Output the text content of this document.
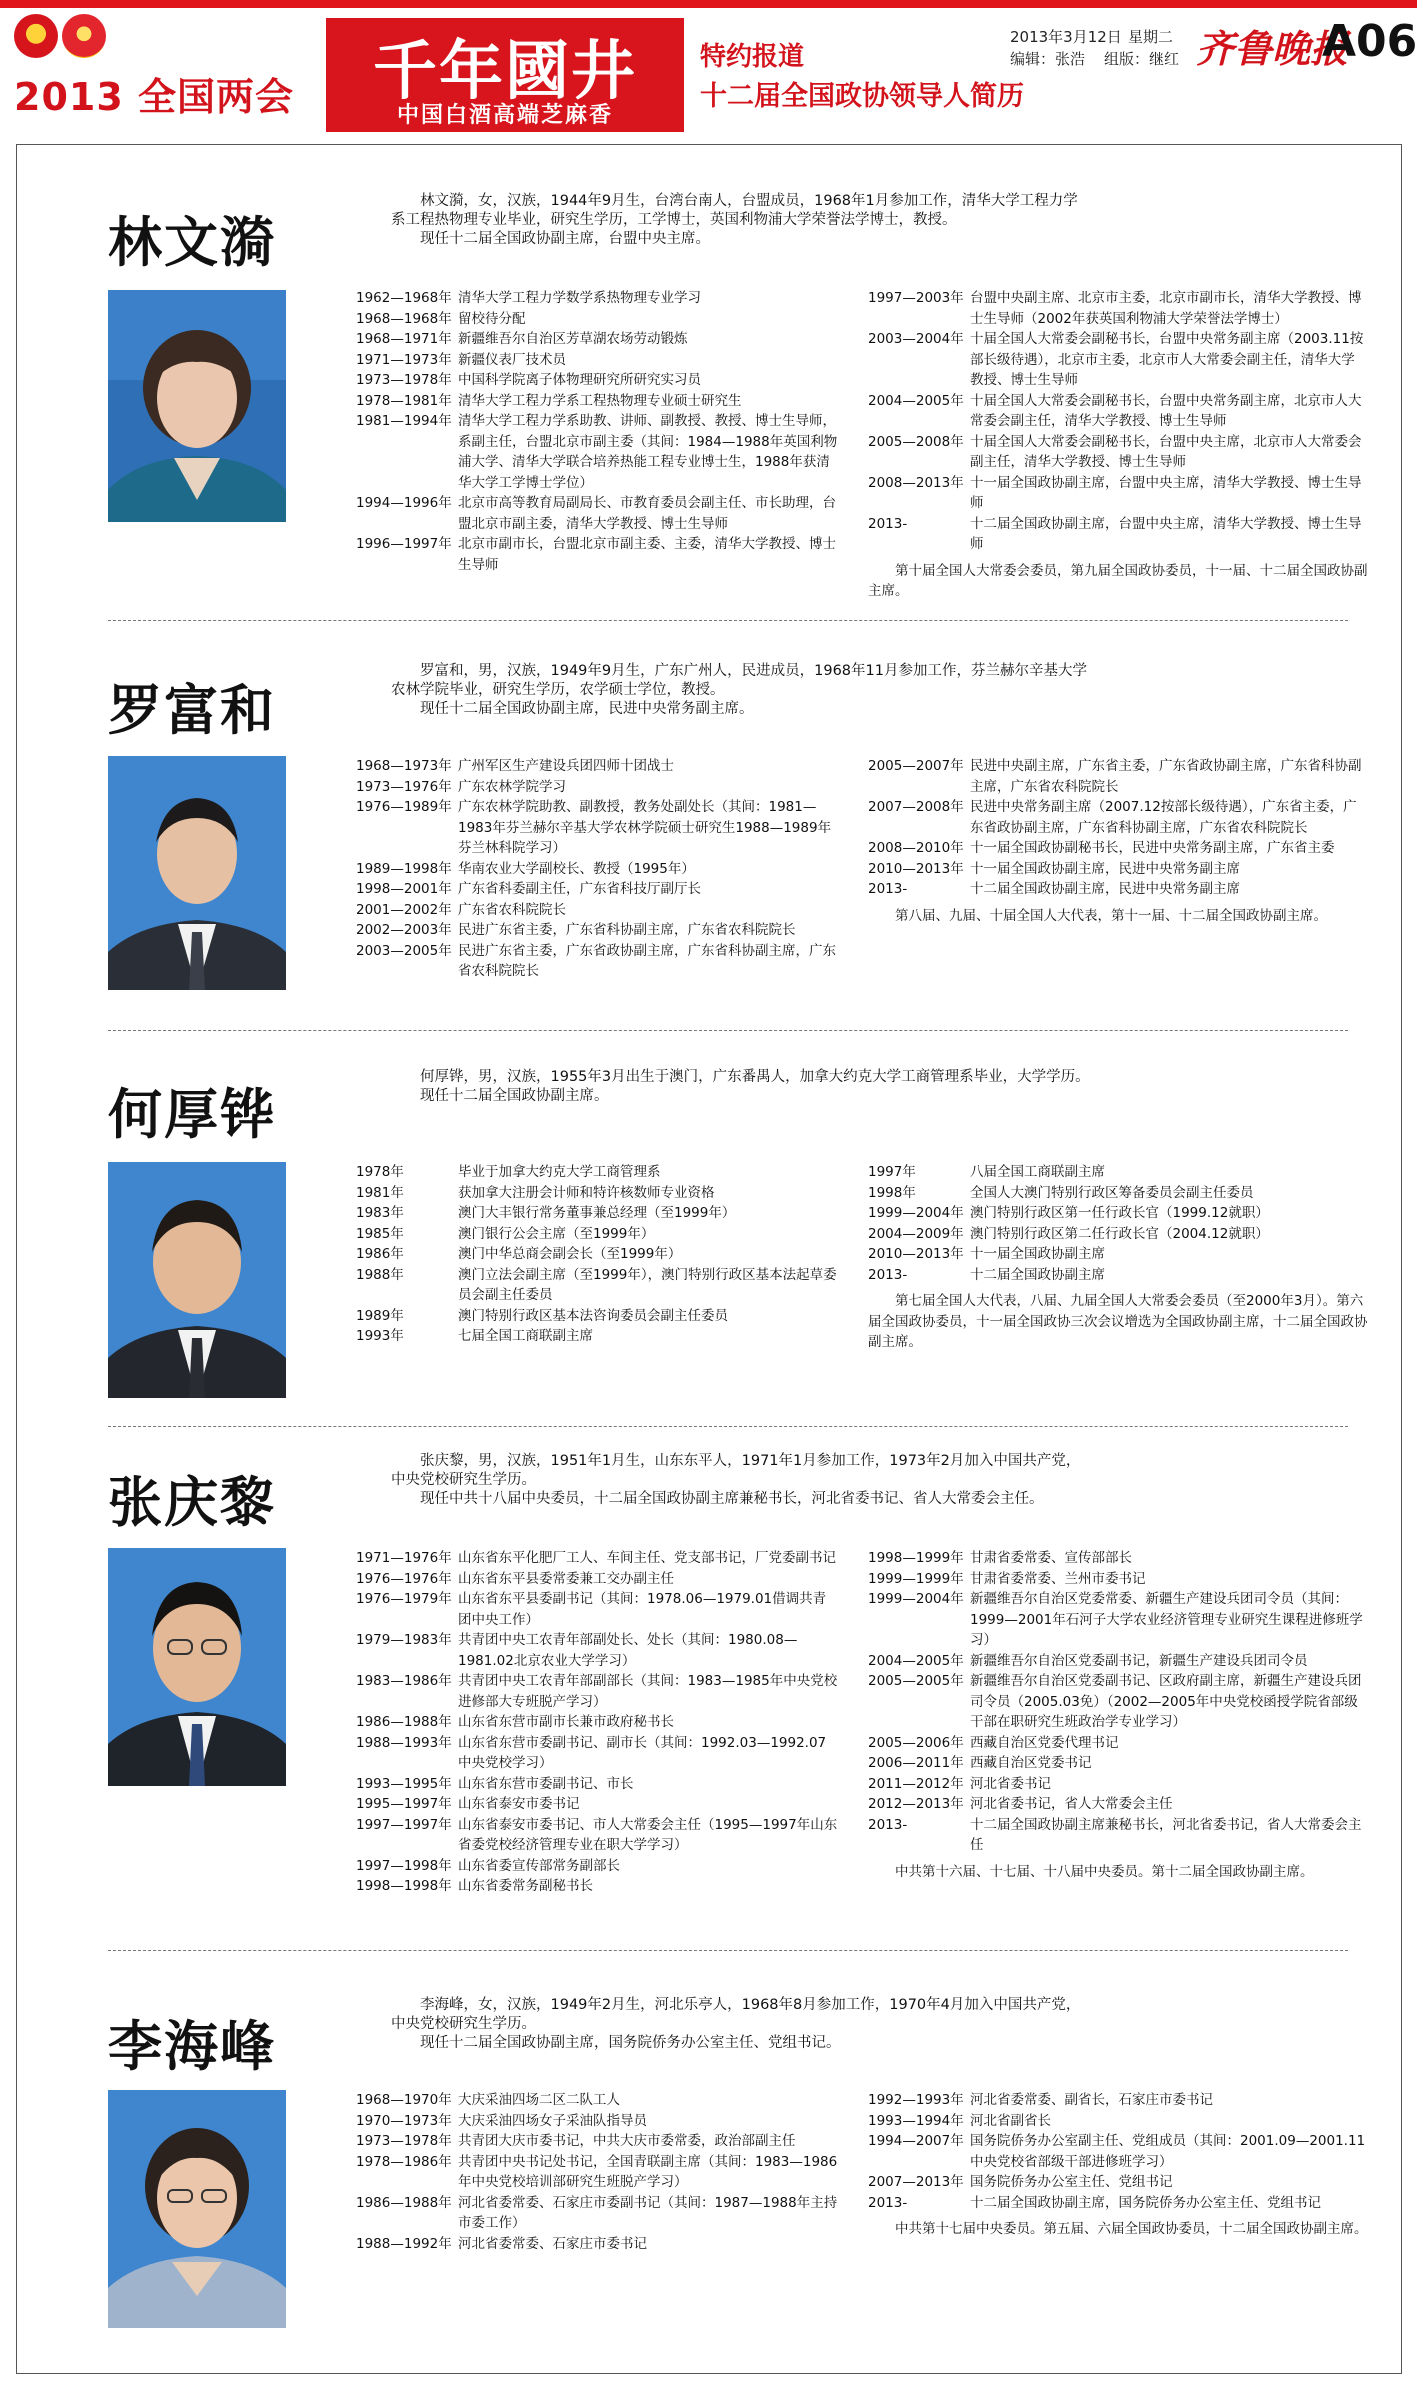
2013 全国两会	千年國井
中国白酒高端芝麻香
特约报道
十二届全国政协领导人简历
2013年3月12日 星期二
编辑：张浩 组版：继红 齐鲁晚报
A06
林文漪

林文漪，女，汉族，1944年9月生，台湾台南人，台盟成员，1968年1月参加工作，清华大学工程力学系工程热物理专业毕业，研究生学历，工学博士，英国利物浦大学荣誉法学博士，教授。

现任十二届全国政协副主席，台盟中央主席。

1962—1968年 清华大学工程力学数学系热物理专业学习
1968—1968年 留校待分配
1968—1971年 新疆维吾尔自治区芳草湖农场劳动锻炼
1971—1973年 新疆仪表厂技术员
1973—1978年 中国科学院离子体物理研究所研究实习员
1978—1981年 清华大学工程力学系工程热物理专业硕士研究生
1981—1994年 清华大学工程力学系助教、讲师、副教授、教授、博士生导师，系副主任，台盟北京市副主委（其间：1984—1988年英国利物浦大学、清华大学联合培养热能工程专业博士生，1988年获清华大学工学博士学位）
1994—1996年 北京市高等教育局副局长、市教育委员会副主任、市长助理，台盟北京市副主委，清华大学教授、博士生导师
1996—1997年 北京市副市长，台盟北京市副主委、主委，清华大学教授、博士生导师
1997—2003年 台盟中央副主席、北京市主委，北京市副市长，清华大学教授、博士生导师（2002年获英国利物浦大学荣誉法学博士）
2003—2004年 十届全国人大常委会副秘书长，台盟中央常务副主席（2003.11按部长级待遇），北京市主委，北京市人大常委会副主任，清华大学教授、博士生导师
2004—2005年 十届全国人大常委会副秘书长，台盟中央常务副主席，北京市人大常委会副主任，清华大学教授、博士生导师
2005—2008年 十届全国人大常委会副秘书长，台盟中央主席，北京市人大常委会副主任，清华大学教授、博士生导师
2008—2013年 十一届全国政协副主席，台盟中央主席，清华大学教授、博士生导师
2013-	十二届全国政协副主席，台盟中央主席，清华大学教授、博士生导师

第十届全国人大常委会委员，第九届全国政协委员，十一届、十二届全国政协副主席。

罗富和

罗富和，男，汉族，1949年9月生，广东广州人，民进成员，1968年11月参加工作，芬兰赫尔辛基大学农林学院毕业，研究生学历，农学硕士学位，教授。

现任十二届全国政协副主席，民进中央常务副主席。

1968—1973年 广州军区生产建设兵团四师十团战士
1973—1976年 广东农林学院学习
1976—1989年 广东农林学院助教、副教授，教务处副处长（其间：1981—1983年芬兰赫尔辛基大学农林学院硕士研究生1988—1989年芬兰林科院学习）
1989—1998年 华南农业大学副校长、教授（1995年）
1998—2001年 广东省科委副主任，广东省科技厅副厅长
2001—2002年 广东省农科院院长
2002—2003年 民进广东省主委，广东省科协副主席，广东省农科院院长
2003—2005年 民进广东省主委，广东省政协副主席，广东省科协副主席，广东省农科院院长
2005—2007年 民进中央副主席，广东省主委，广东省政协副主席，广东省科协副主席，广东省农科院院长
2007—2008年 民进中央常务副主席（2007.12按部长级待遇），广东省主委，广东省政协副主席，广东省科协副主席，广东省农科院院长
2008—2010年 十一届全国政协副秘书长，民进中央常务副主席，广东省主委
2010—2013年 十一届全国政协副主席，民进中央常务副主席
2013-	十二届全国政协副主席，民进中央常务副主席

第八届、九届、十届全国人大代表，第十一届、十二届全国政协副主席。

何厚铧

何厚铧，男，汉族，1955年3月出生于澳门，广东番禺人，加拿大约克大学工商管理系毕业，大学学历。

现任十二届全国政协副主席。

1978年	毕业于加拿大约克大学工商管理系
1981年	获加拿大注册会计师和特许核数师专业资格
1983年	澳门大丰银行常务董事兼总经理（至1999年）
1985年	澳门银行公会主席（至1999年）
1986年	澳门中华总商会副会长（至1999年）
1988年	澳门立法会副主席（至1999年），澳门特别行政区基本法起草委员会副主任委员
1989年	澳门特别行政区基本法咨询委员会副主任委员
1993年	七届全国工商联副主席
1997年	八届全国工商联副主席
1998年	全国人大澳门特别行政区筹备委员会副主任委员
1999—2004年 澳门特别行政区第一任行政长官（1999.12就职）
2004—2009年 澳门特别行政区第二任行政长官（2004.12就职）
2010—2013年 十一届全国政协副主席
2013-	十二届全国政协副主席

第七届全国人大代表，八届、九届全国人大常委会委员（至2000年3月）。第六届全国政协委员，十一届全国政协三次会议增选为全国政协副主席，十二届全国政协副主席。

张庆黎

张庆黎，男，汉族，1951年1月生，山东东平人，1971年1月参加工作，1973年2月加入中国共产党，中央党校研究生学历。

现任中共十八届中央委员，十二届全国政协副主席兼秘书长，河北省委书记、省人大常委会主任。

1971—1976年 山东省东平化肥厂工人、车间主任、党支部书记，厂党委副书记
1976—1976年 山东省东平县委常委兼工交办副主任
1976—1979年 山东省东平县委副书记（其间：1978.06—1979.01借调共青团中央工作）
1979—1983年 共青团中央工农青年部副处长、处长（其间：1980.08—1981.02北京农业大学学习）
1983—1986年 共青团中央工农青年部副部长（其间：1983—1985年中央党校进修部大专班脱产学习）
1986—1988年 山东省东营市副市长兼市政府秘书长
1988—1993年 山东省东营市委副书记、副市长（其间：1992.03—1992.07中央党校学习）
1993—1995年 山东省东营市委副书记、市长
1995—1997年 山东省泰安市委书记
1997—1997年 山东省泰安市委书记、市人大常委会主任（1995—1997年山东省委党校经济管理专业在职大学学习）
1997—1998年 山东省委宣传部常务副部长
1998—1998年 山东省委常务副秘书长
1998—1999年 甘肃省委常委、宣传部部长
1999—1999年 甘肃省委常委、兰州市委书记
1999—2004年 新疆维吾尔自治区党委常委、新疆生产建设兵团司令员（其间：1999—2001年石河子大学农业经济管理专业研究生课程进修班学习）
2004—2005年 新疆维吾尔自治区党委副书记，新疆生产建设兵团司令员
2005—2005年 新疆维吾尔自治区党委副书记、区政府副主席，新疆生产建设兵团司令员（2005.03免）（2002—2005年中央党校函授学院省部级干部在职研究生班政治学专业学习）
2005—2006年 西藏自治区党委代理书记
2006—2011年 西藏自治区党委书记
2011—2012年 河北省委书记
2012—2013年 河北省委书记，省人大常委会主任
2013-	十二届全国政协副主席兼秘书长，河北省委书记，省人大常委会主任

中共第十六届、十七届、十八届中央委员。第十二届全国政协副主席。

李海峰

李海峰，女，汉族，1949年2月生，河北乐亭人，1968年8月参加工作，1970年4月加入中国共产党，中央党校研究生学历。

现任十二届全国政协副主席，国务院侨务办公室主任、党组书记。

1968—1970年 大庆采油四场二区二队工人
1970—1973年 大庆采油四场女子采油队指导员
1973—1978年 共青团大庆市委书记，中共大庆市委常委，政治部副主任
1978—1986年 共青团中央书记处书记，全国青联副主席（其间：1983—1986年中央党校培训部研究生班脱产学习）
1986—1988年 河北省委常委、石家庄市委副书记（其间：1987—1988年主持市委工作）
1988—1992年 河北省委常委、石家庄市委书记
1992—1993年 河北省委常委、副省长，石家庄市委书记
1993—1994年 河北省副省长
1994—2007年 国务院侨务办公室副主任、党组成员（其间：2001.09—2001.11中央党校省部级干部进修班学习）
2007—2013年 国务院侨务办公室主任、党组书记
2013-	十二届全国政协副主席，国务院侨务办公室主任、党组书记

中共第十七届中央委员。第五届、六届全国政协委员，十二届全国政协副主席。
